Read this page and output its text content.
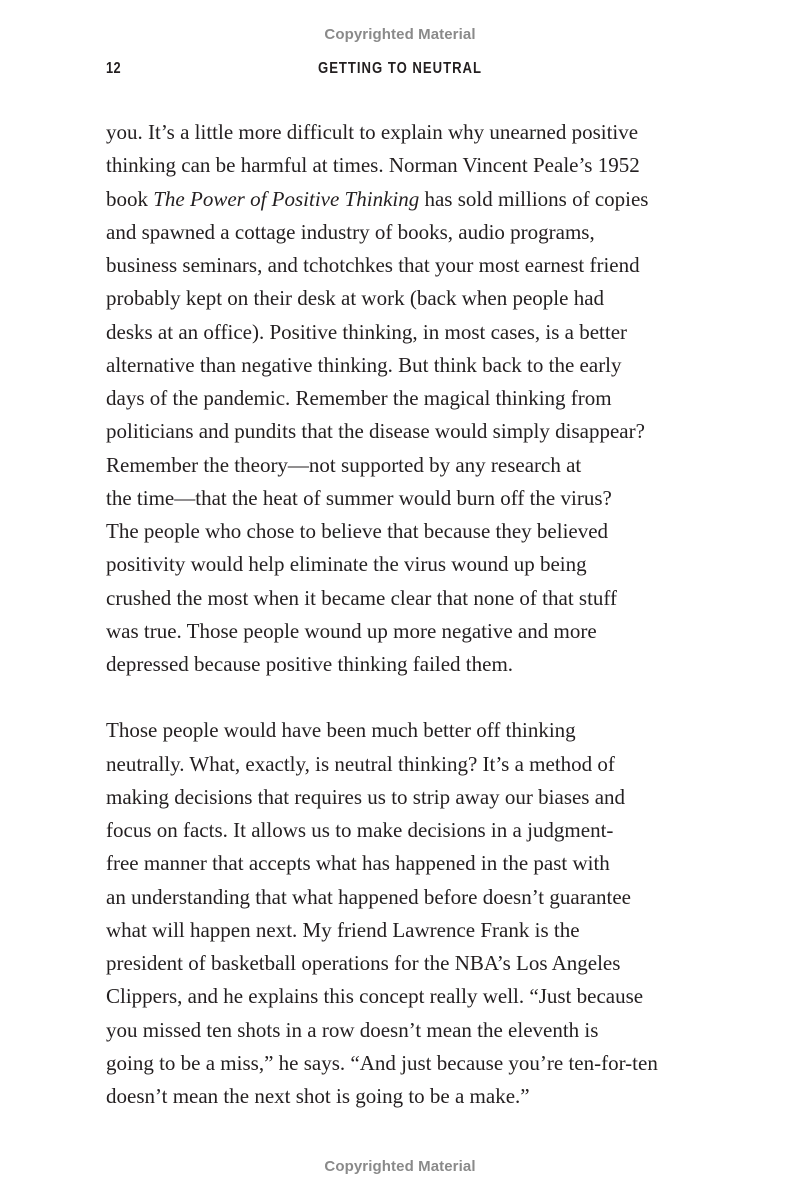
Copyrighted Material
12	GETTING TO NEUTRAL

you. It’s a little more difficult to explain why unearned positive
thinking can be harmful at times. Norman Vincent Peale’s 1952
book The Power of Positive Thinking has sold millions of copies
and spawned a cottage industry of books, audio programs,
business seminars, and tchotchkes that your most earnest friend
probably kept on their desk at work (back when people had
desks at an office). Positive thinking, in most cases, is a better
alternative than negative thinking. But think back to the early
days of the pandemic. Remember the magical thinking from
politicians and pundits that the disease would simply disappear?
Remember the theory—not supported by any research at
the time—that the heat of summer would burn off the virus?
The people who chose to believe that because they believed
positivity would help eliminate the virus wound up being
crushed the most when it became clear that none of that stuff
was true. Those people wound up more negative and more
depressed because positive thinking failed them.

Those people would have been much better off thinking
neutrally. What, exactly, is neutral thinking? It’s a method of
making decisions that requires us to strip away our biases and
focus on facts. It allows us to make decisions in a judgment-
free manner that accepts what has happened in the past with
an understanding that what happened before doesn’t guarantee
what will happen next. My friend Lawrence Frank is the
president of basketball operations for the NBA’s Los Angeles
Clippers, and he explains this concept really well. “Just because
you missed ten shots in a row doesn’t mean the eleventh is
going to be a miss,” he says. “And just because you’re ten-for-ten
doesn’t mean the next shot is going to be a make.”

Copyrighted Material
